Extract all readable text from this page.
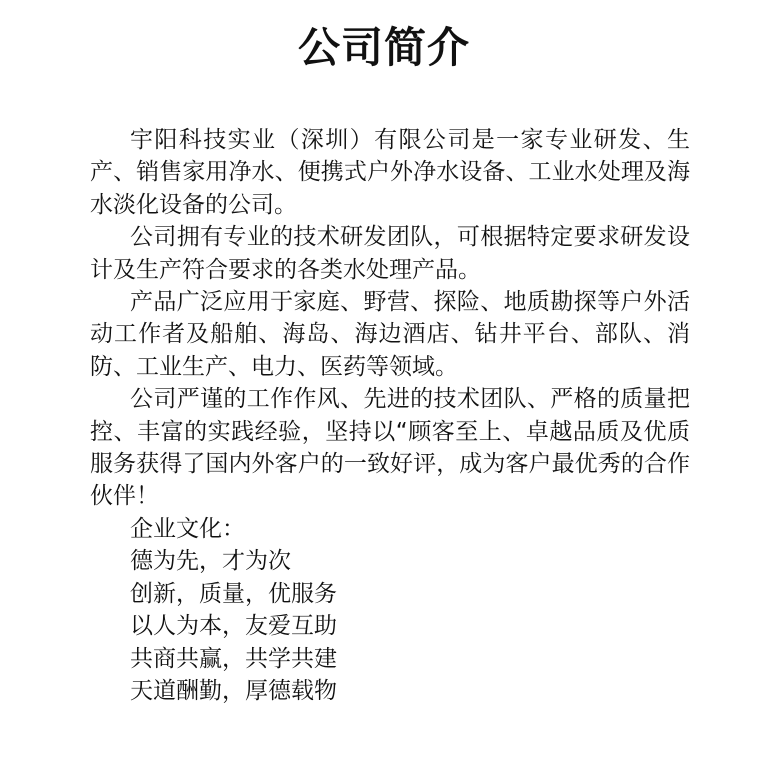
公司简介

宇阳科技实业（深圳）有限公司是一家专业研发、生产、销售家用净水、便携式户外净水设备、工业水处理及海水淡化设备的公司。

公司拥有专业的技术研发团队，可根据特定要求研发设计及生产符合要求的各类水处理产品。

产品广泛应用于家庭、野营、探险、地质勘探等户外活动工作者及船舶、海岛、海边酒店、钻井平台、部队、消防、工业生产、电力、医药等领域。

公司严谨的工作作风、先进的技术团队、严格的质量把控、丰富的实践经验，坚持以“顾客至上、卓越品质及优质服务获得了国内外客户的一致好评，成为客户最优秀的合作伙伴！

企业文化：
德为先，才为次
创新，质量，优服务
以人为本，友爱互助
共商共赢，共学共建
天道酬勤，厚德载物
